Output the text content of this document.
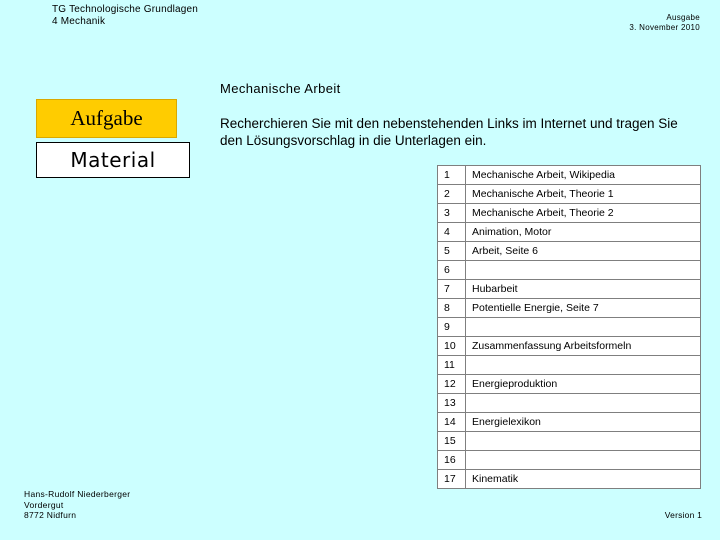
TG Technologische Grundlagen
4 Mechanik	Ausgabe
3. November 2010
Mechanische Arbeit
Aufgabe
Material
Recherchieren Sie mit den nebenstehenden Links im Internet und tragen Sie den Lösungsvorschlag in die Unterlagen ein.
1	Mechanische Arbeit, Wikipedia
2	Mechanische Arbeit, Theorie 1
3	Mechanische Arbeit, Theorie 2
4	Animation, Motor
5	Arbeit, Seite 6
6	
7	Hubarbeit
8	Potentielle Energie, Seite 7
9	
10	Zusammenfassung Arbeitsformeln
11	
12	Energieproduktion
13	
14	Energielexikon
15	
16	
17	Kinematik
Hans-Rudolf Niederberger
Vordergut
8772 Nidfurn	Version 1
